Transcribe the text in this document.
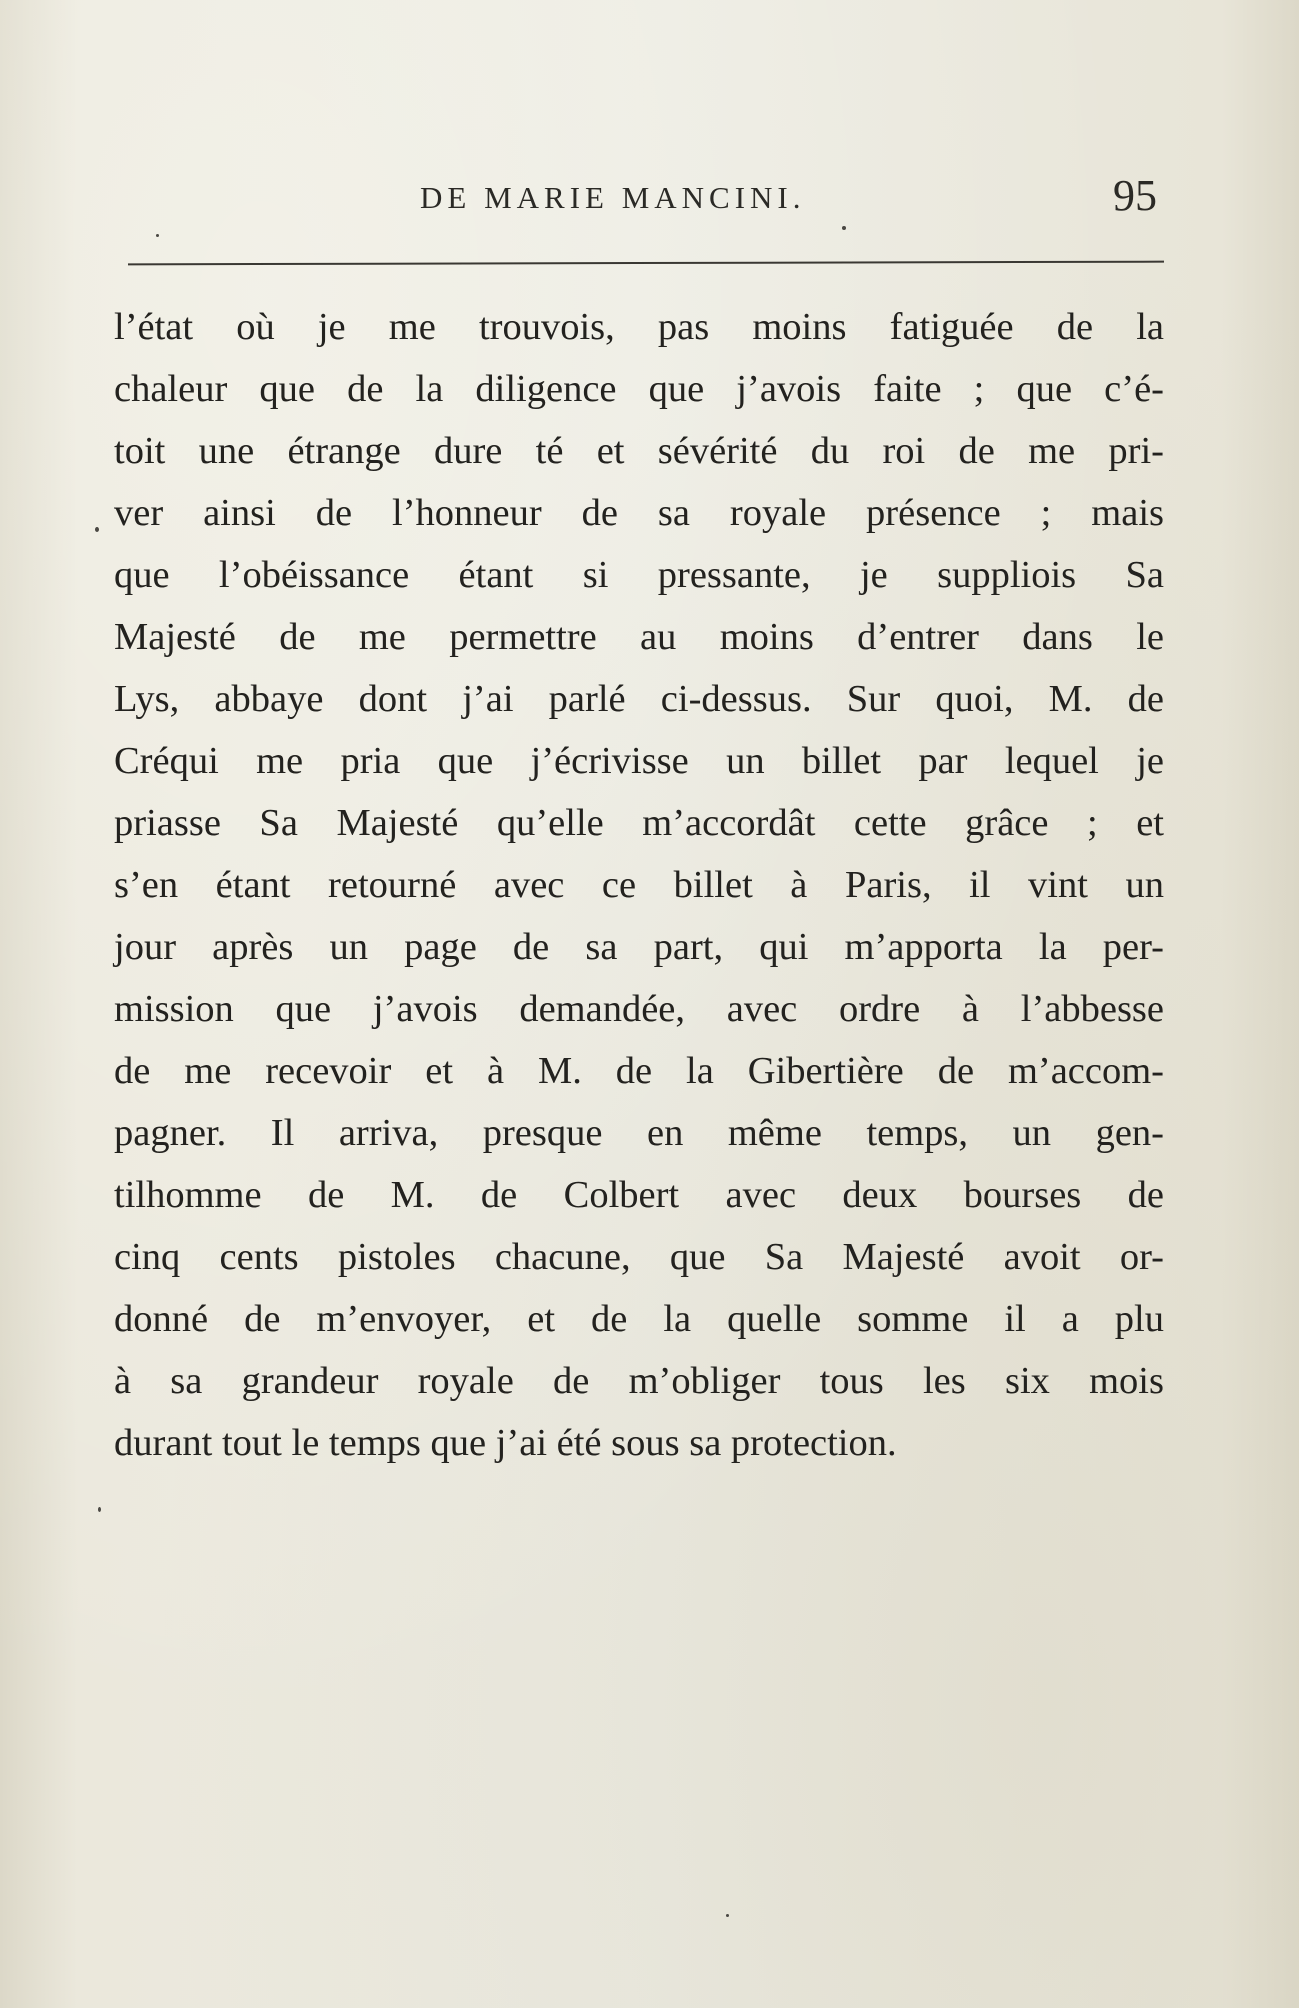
DE MARIE MANCINI.	95
l’état où je me trouvois, pas moins fatiguée de la
chaleur que de la diligence que j’avois faite ; que c’é-
toit une étrange dure té et sévérité du roi de me pri-
ver ainsi de l’honneur de sa royale présence ; mais
que l’obéissance étant si pressante, je suppliois Sa
Majesté de me permettre au moins d’entrer dans le
Lys, abbaye dont j’ai parlé ci-dessus. Sur quoi, M. de
Créqui me pria que j’écrivisse un billet par lequel je
priasse Sa Majesté qu’elle m’accordât cette grâce ; et
s’en étant retourné avec ce billet à Paris, il vint un
jour après un page de sa part, qui m’apporta la per-
mission que j’avois demandée, avec ordre à l’abbesse
de me recevoir et à M. de la Gibertière de m’accom-
pagner. Il arriva, presque en même temps, un gen-
tilhomme de M. de Colbert avec deux bourses de
cinq cents pistoles chacune, que Sa Majesté avoit or-
donné de m’envoyer, et de la quelle somme il a plu
à sa grandeur royale de m’obliger tous les six mois
durant tout le temps que j’ai été sous sa protection.
